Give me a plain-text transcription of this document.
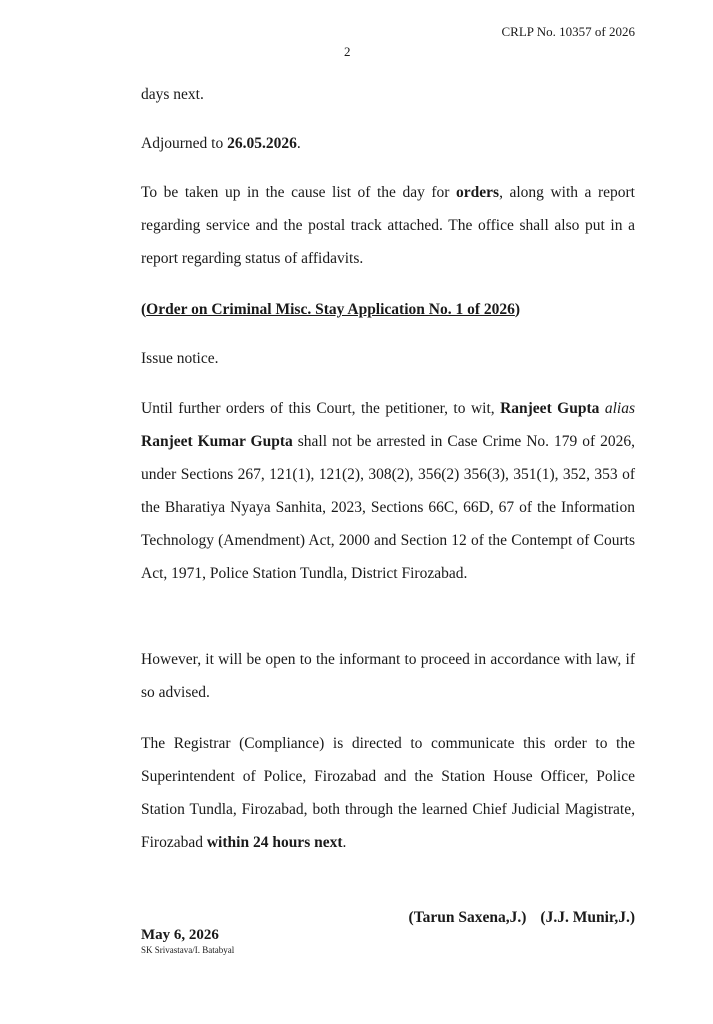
CRLP No. 10357 of 2026
2

days next.

Adjourned to 26.05.2026.

To be taken up in the cause list of the day for orders, along with a report regarding service and the postal track attached. The office shall also put in a report regarding status of affidavits.

(Order on Criminal Misc. Stay Application No. 1 of 2026)

Issue notice.

Until further orders of this Court, the petitioner, to wit, Ranjeet Gupta alias Ranjeet Kumar Gupta shall not be arrested in Case Crime No. 179 of 2026, under Sections 267, 121(1), 121(2), 308(2), 356(2) 356(3), 351(1), 352, 353 of the Bharatiya Nyaya Sanhita, 2023, Sections 66C, 66D, 67 of the Information Technology (Amendment) Act, 2000 and Section 12 of the Contempt of Courts Act, 1971, Police Station Tundla, District Firozabad.

However, it will be open to the informant to proceed in accordance with law, if so advised.

The Registrar (Compliance) is directed to communicate this order to the Superintendent of Police, Firozabad and the Station House Officer, Police Station Tundla, Firozabad, both through the learned Chief Judicial Magistrate, Firozabad within 24 hours next.

(Tarun Saxena,J.) (J.J. Munir,J.)
May 6, 2026
SK Srivastava/I. Batabyal
